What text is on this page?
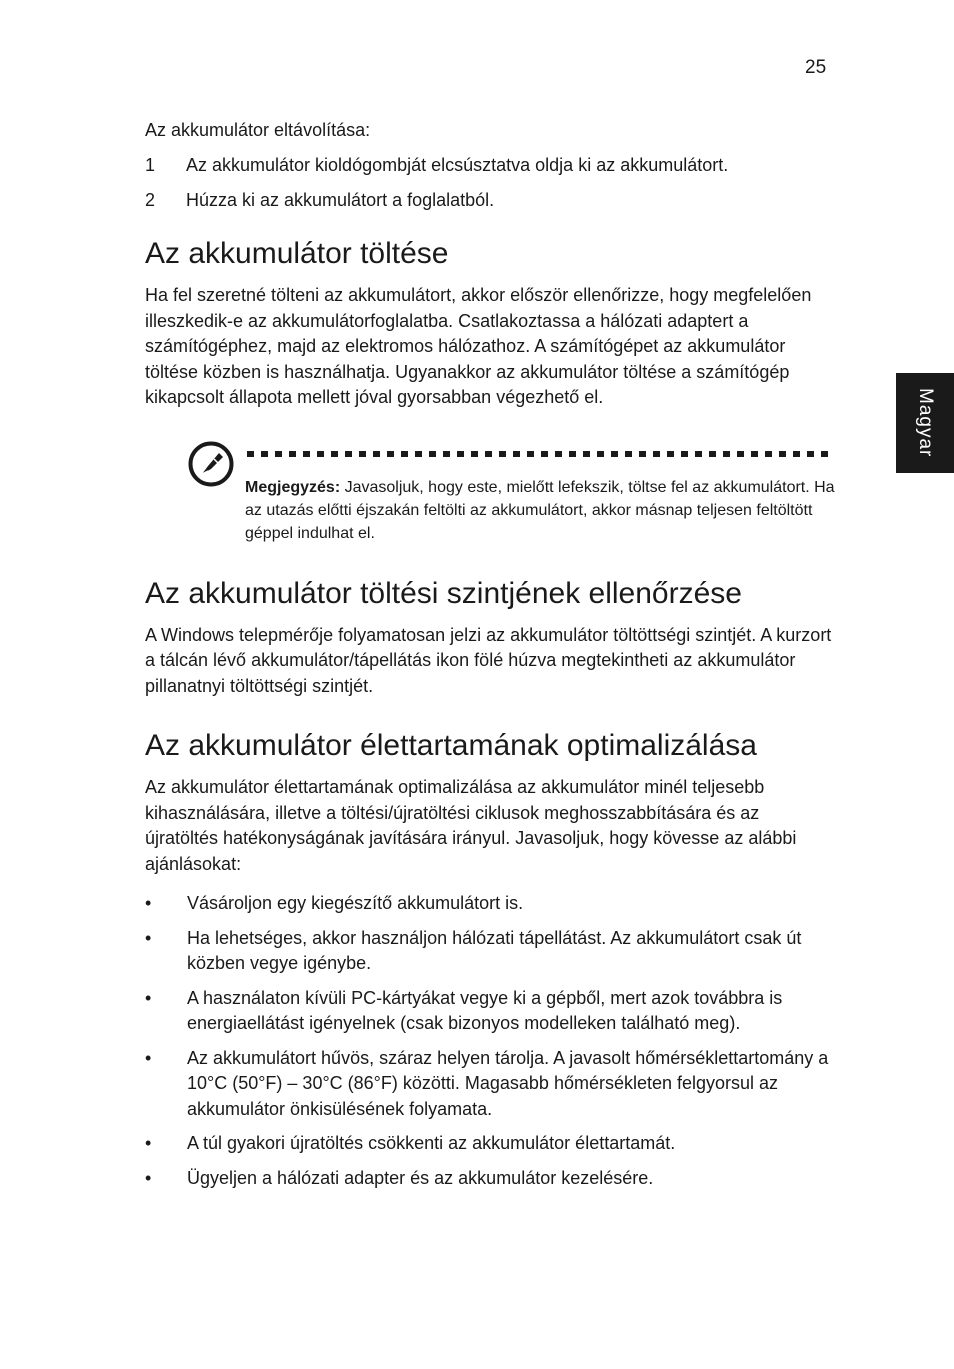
25
Magyar

Az akkumulátor eltávolítása:

1	Az akkumulátor kioldógombját elcsúsztatva oldja ki az akkumulátort.
2	Húzza ki az akkumulátort a foglalatból.
Az akkumulátor töltése

Ha fel szeretné tölteni az akkumulátort, akkor először ellenőrizze, hogy megfelelően illeszkedik-e az akkumulátorfoglalatba. Csatlakoztassa a hálózati adaptert a számítógéphez, majd az elektromos hálózathoz. A számítógépet az akkumulátor töltése közben is használhatja. Ugyanakkor az akkumulátor töltése a számítógép kikapcsolt állapota mellett jóval gyorsabban végezhető el.

Megjegyzés: Javasoljuk, hogy este, mielőtt lefekszik, töltse fel az akkumulátort. Ha az utazás előtti éjszakán feltölti az akkumulátort, akkor másnap teljesen feltöltött géppel indulhat el.
Az akkumulátor töltési szintjének ellenőrzése

A Windows telepmérője folyamatosan jelzi az akkumulátor töltöttségi szintjét. A kurzort a tálcán lévő akkumulátor/tápellátás ikon fölé húzva megtekintheti az akkumulátor pillanatnyi töltöttségi szintjét.

Az akkumulátor élettartamának optimalizálása

Az akkumulátor élettartamának optimalizálása az akkumulátor minél teljesebb kihasználására, illetve a töltési/újratöltési ciklusok meghosszabbítására és az újratöltés hatékonyságának javítására irányul. Javasoljuk, hogy kövesse az alábbi ajánlásokat:

•	Vásároljon egy kiegészítő akkumulátort is.
•	Ha lehetséges, akkor használjon hálózati tápellátást. Az akkumulátort csak út közben vegye igénybe.
•	A használaton kívüli PC-kártyákat vegye ki a gépből, mert azok továbbra is energiaellátást igényelnek (csak bizonyos modelleken található meg).
•	Az akkumulátort hűvös, száraz helyen tárolja. A javasolt hőmérséklettartomány a 10°C (50°F) – 30°C (86°F) közötti. Magasabb hőmérsékleten felgyorsul az akkumulátor önkisülésének folyamata.
•	A túl gyakori újratöltés csökkenti az akkumulátor élettartamát.
•	Ügyeljen a hálózati adapter és az akkumulátor kezelésére.
